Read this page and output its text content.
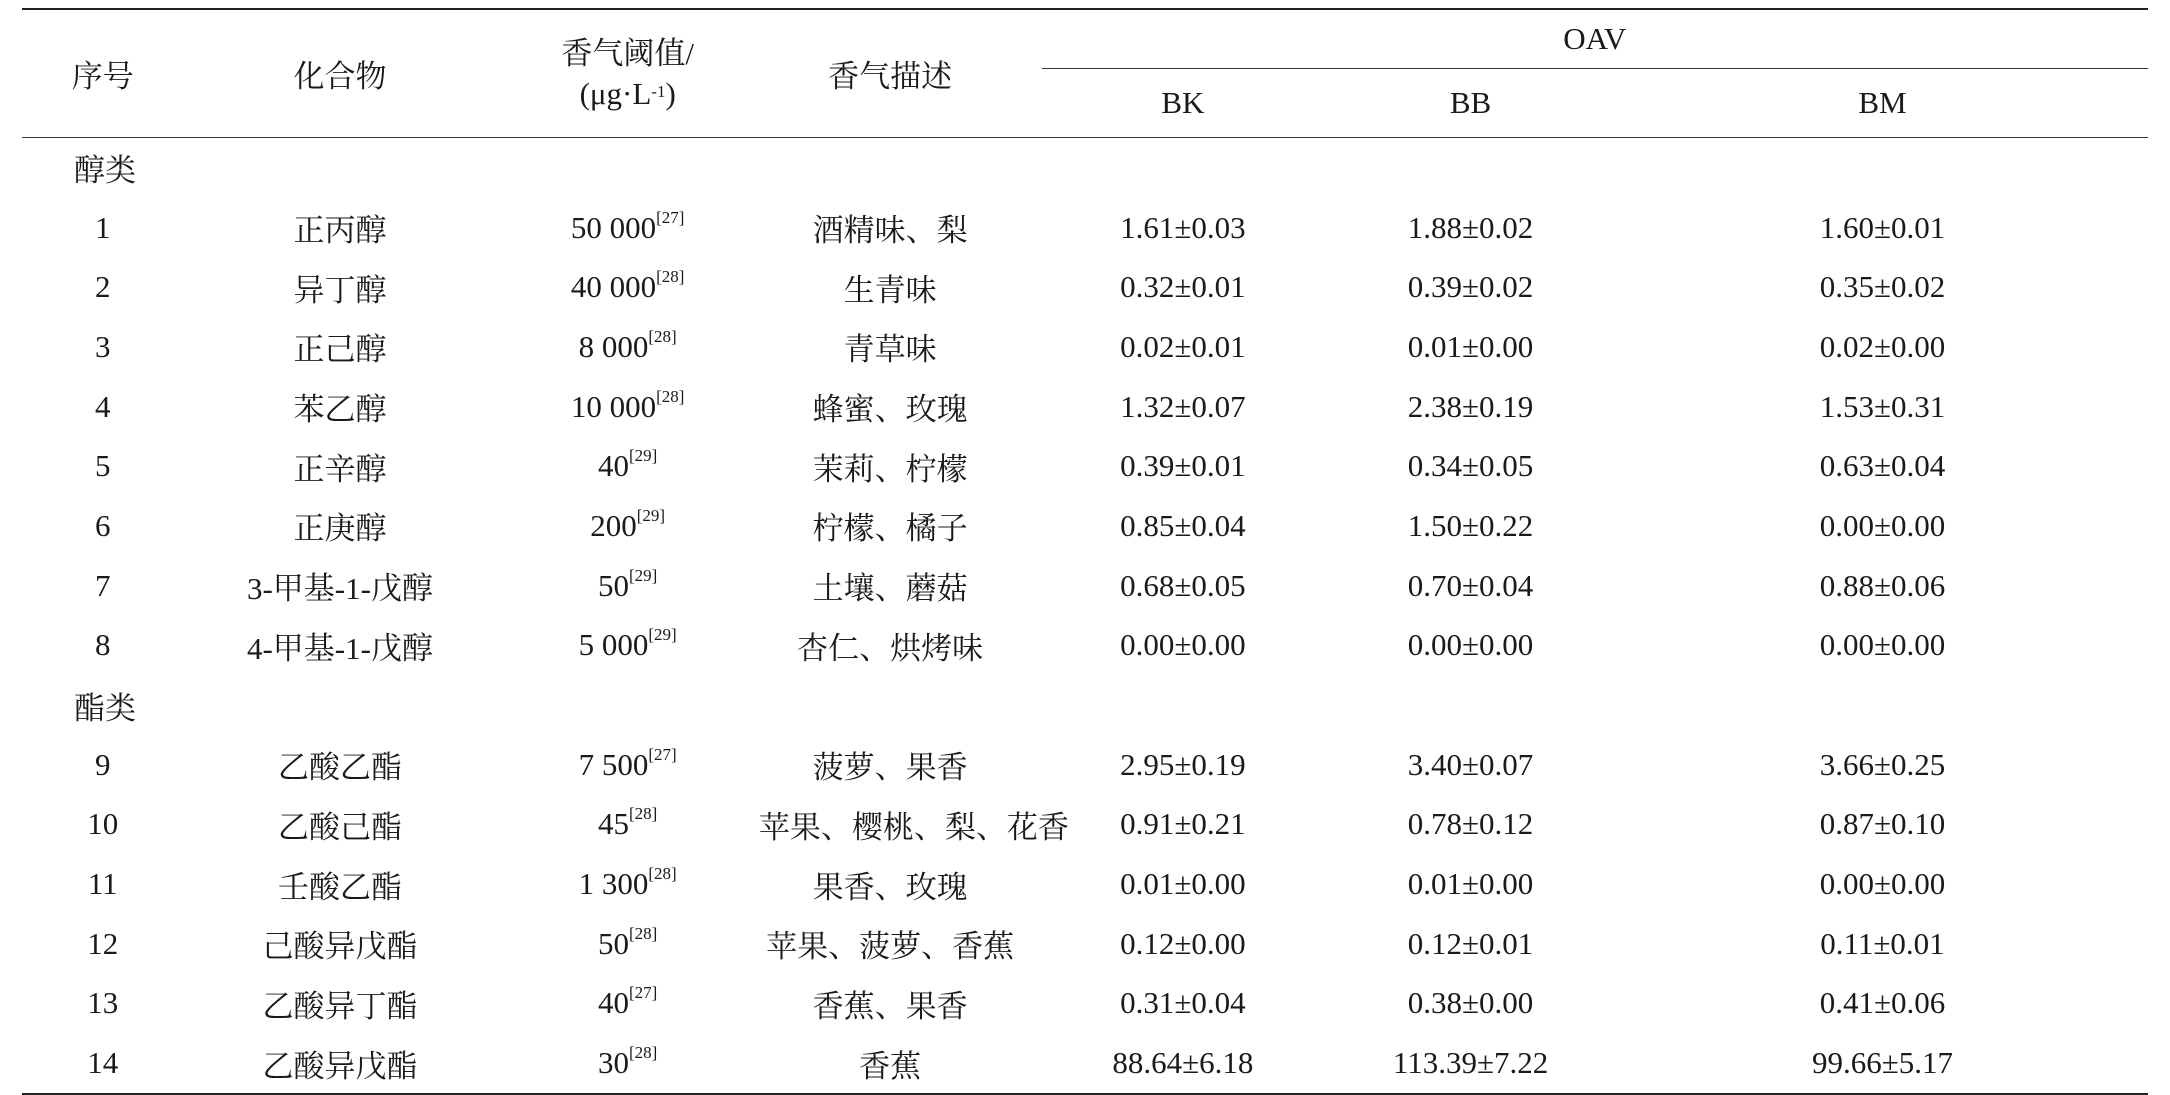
序号	化合物	香气阈值/
$(\mu g\cdot L^{-1})$	香气描述		OAV		
					BK	BB	BM
醇类							
1	正丙醇	50 000[27]	酒精味、梨		1.61±0.03	1.88±0.02	1.60±0.01
2	异丁醇	40 000[28]	生青味		0.32±0.01	0.39±0.02	0.35±0.02
3	正己醇	8 000[28]	青草味		0.02±0.01	0.01±0.00	0.02±0.00
4	苯乙醇	10 000[28]	蜂蜜、玫瑰		1.32±0.07	2.38±0.19	1.53±0.31
5	正辛醇	40[29]	茉莉、柠檬		0.39±0.01	0.34±0.05	0.63±0.04
6	正庚醇	200[29]	柠檬、橘子		0.85±0.04	1.50±0.22	0.00±0.00
7	3-甲基-1-戊醇	50[29]	土壤、蘑菇		0.68±0.05	0.70±0.04	0.88±0.06
8	4-甲基-1-戊醇	5 000[29]	杏仁、烘烤味		0.00±0.00	0.00±0.00	0.00±0.00
酯类							
9	乙酸乙酯	7 500[27]	菠萝、果香		2.95±0.19	3.40±0.07	3.66±0.25
10	乙酸己酯	45[28]	苹果、樱桃、梨、花香		0.91±0.21	0.78±0.12	0.87±0.10
11	壬酸乙酯	1 300[28]	果香、玫瑰		0.01±0.00	0.01±0.00	0.00±0.00
12	己酸异戊酯	50[28]	苹果、菠萝、香蕉		0.12±0.00	0.12±0.01	0.11±0.01
13	乙酸异丁酯	40[27]	香蕉、果香		0.31±0.04	0.38±0.00	0.41±0.06
14	乙酸异戊酯	30[28]	香蕉		88.64±6.18	113.39±7.22	99.66±5.17
